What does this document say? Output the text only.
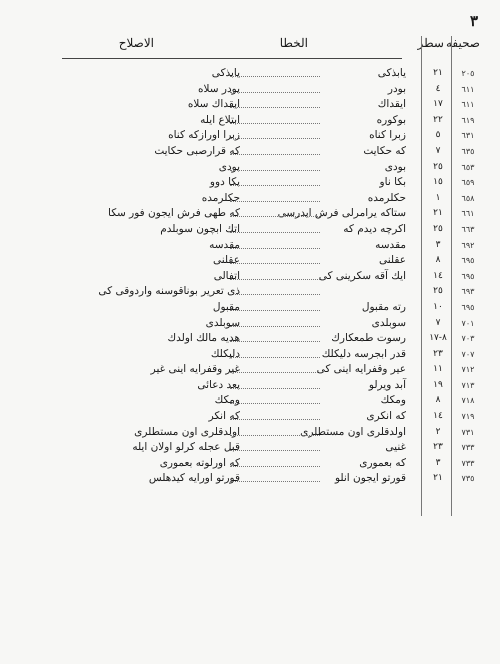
٣
صحيفه
سطر
الخطا
الاصلاح
٢٠٥
٢١
يابذكى
يابذكى
٦١١
٤
بودر
بودر سلاه
٦١١
١٧
ايقداك
ايقداك سلاه
٦١٩
٢٢
بوكوره
ابتلاع ايله
٦٣١
٥
زبرا كناه
زبرا اورازكه كناه
٦٣٥
٧
كه حكايت
كه قرارصبى حكايت
٦٥٣
٢٥
بودى
بودى
٦٥٩
١٥
بكا ناو
بكا دوو
٦٥٨
١
حكلرمده
حكلرمده
٦٦١
٢١
ستاكه يرامرلى فرش ايدرسى
كه طهى فرش ايجون فور سكا
٦٦٣
٢٥
اكرچه ديدم كه
اتك ابچون سوبلدم
٦٩٢
٣
مقدسه
مقدسه
٦٩٥
٨
عقلنى
عقلنى
٦٩٥
١٤
ايك آقه سكرينى كى
اتفالى
٦٩٣
٢٥
ذى تعرير بوناقوسنه واردوقى كى
٦٩٥
١٠
رته مقبول
مقبول
٧٠١
٧
سوبلدى
سوبلدى
٧٠٣
٨-١٧
رسوت طمعكارك
هديه مالك اولدك
٧٠٧
٢٣
قدر ابجرسه دليكلك
دليكلك
٧١٢
١١
عير وقفرايه اينى كى
غير وقفرايه اينى غير
٧١٣
١٩
آبد ويرلو
بعد دعائى
٧١٨
٨
ومكك
ومكك
٧١٩
١٤
كه انكرى
كه انكر
٧٣١
٢
اولدقلرى اون مستطلرى
اولدقلرى اون مستطلرى
٧٣٣
٢٣
غنيى
قبل عجله كرلو اولان ايله
٧٣٣
٣
كه بعمورى
كه اورلوته بعمورى
٧٣٥
٢١
قورتو ايجون انلو
قورتو اورايه كيدهلس
